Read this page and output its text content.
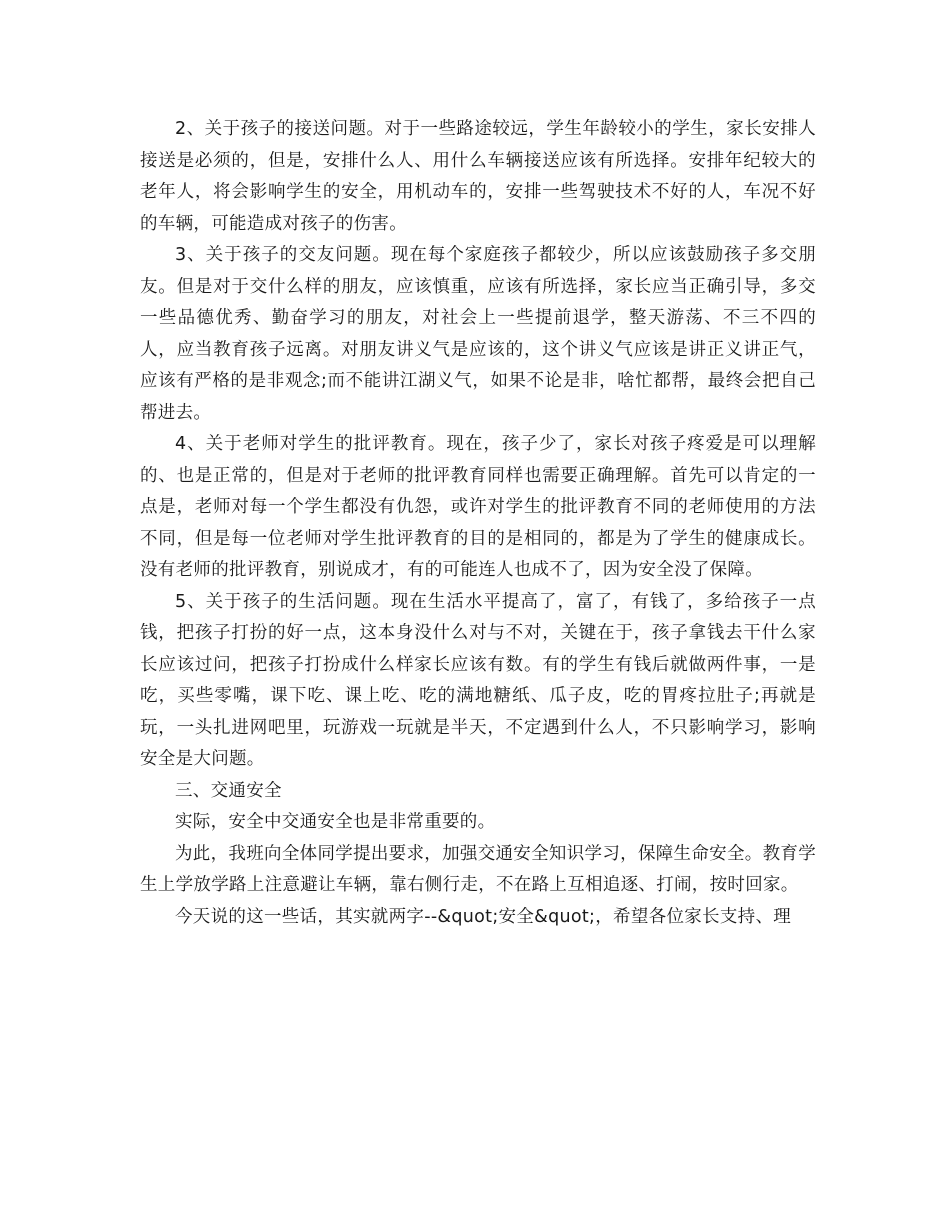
2、关于孩子的接送问题。对于一些路途较远，学生年龄较小的学生，家长安排人接送是必须的，但是，安排什么人、用什么车辆接送应该有所选择。安排年纪较大的老年人，将会影响学生的安全，用机动车的，安排一些驾驶技术不好的人，车况不好的车辆，可能造成对孩子的伤害。

3、关于孩子的交友问题。现在每个家庭孩子都较少，所以应该鼓励孩子多交朋友。但是对于交什么样的朋友，应该慎重，应该有所选择，家长应当正确引导，多交一些品德优秀、勤奋学习的朋友，对社会上一些提前退学，整天游荡、不三不四的人，应当教育孩子远离。对朋友讲义气是应该的，这个讲义气应该是讲正义讲正气，应该有严格的是非观念;而不能讲江湖义气，如果不论是非，啥忙都帮，最终会把自己帮进去。

4、关于老师对学生的批评教育。现在，孩子少了，家长对孩子疼爱是可以理解的、也是正常的，但是对于老师的批评教育同样也需要正确理解。首先可以肯定的一点是，老师对每一个学生都没有仇怨，或许对学生的批评教育不同的老师使用的方法不同，但是每一位老师对学生批评教育的目的是相同的，都是为了学生的健康成长。没有老师的批评教育，别说成才，有的可能连人也成不了，因为安全没了保障。

5、关于孩子的生活问题。现在生活水平提高了，富了，有钱了，多给孩子一点钱，把孩子打扮的好一点，这本身没什么对与不对，关键在于，孩子拿钱去干什么家长应该过问，把孩子打扮成什么样家长应该有数。有的学生有钱后就做两件事，一是吃，买些零嘴，课下吃、课上吃、吃的满地糖纸、瓜子皮，吃的胃疼拉肚子;再就是玩，一头扎进网吧里，玩游戏一玩就是半天，不定遇到什么人，不只影响学习，影响安全是大问题。

三、交通安全

实际，安全中交通安全也是非常重要的。

为此，我班向全体同学提出要求，加强交通安全知识学习，保障生命安全。教育学生上学放学路上注意避让车辆，靠右侧行走，不在路上互相追逐、打闹，按时回家。

今天说的这一些话，其实就两字--&quot;安全&quot;，希望各位家长支持、理
